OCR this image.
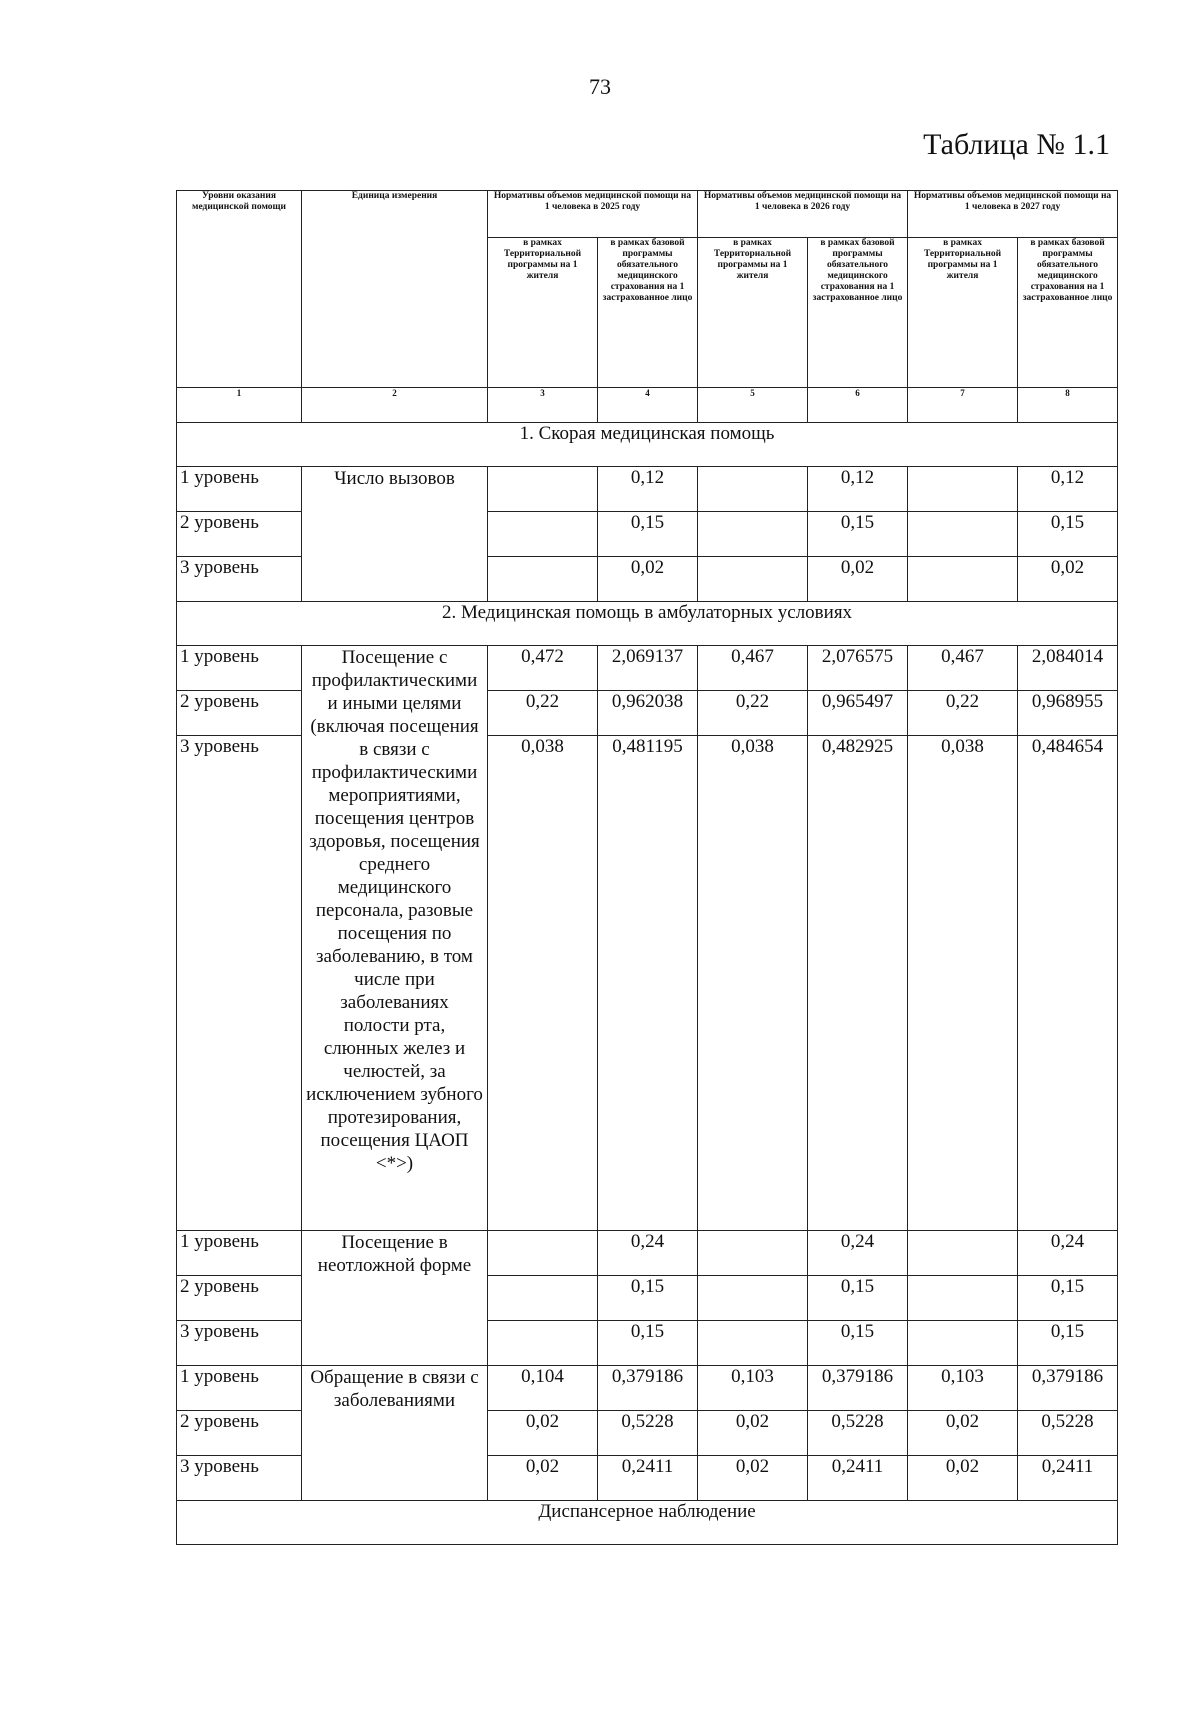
73
Таблица № 1.1
Уровни оказания медицинской помощи	Единица измерения	Нормативы объемов медицинской помощи на 1 человека в 2025 году		Нормативы объемов медицинской помощи на 1 человека в 2026 году		Нормативы объемов медицинской помощи на 1 человека в 2027 году	
		в рамках Территориальной программы на 1 жителя	в рамках базовой программы обязательного медицинского страхования на 1 застрахованное лицо	в рамках Территориальной программы на 1 жителя	в рамках базовой программы обязательного медицинского страхования на 1 застрахованное лицо	в рамках Территориальной программы на 1 жителя	в рамках базовой программы обязательного медицинского страхования на 1 застрахованное лицо
1	2	3	4	5	6	7	8
1. Скорая медицинская помощь							
1 уровень	Число вызовов		0,12		0,12		0,12
2 уровень			0,15		0,15		0,15
3 уровень			0,02		0,02		0,02
2. Медицинская помощь в амбулаторных условиях							
1 уровень	Посещение с профилактическими и иными целями (включая посещения в связи с профилактическими мероприятиями, посещения центров здоровья, посещения среднего медицинского персонала, разовые посещения по заболеванию, в том числе при заболеваниях полости рта, слюнных желез и челюстей, за исключением зубного протезирования, посещения ЦАОП <*>)	0,472	2,069137	0,467	2,076575	0,467	2,084014
2 уровень		0,22	0,962038	0,22	0,965497	0,22	0,968955
3 уровень		0,038	0,481195	0,038	0,482925	0,038	0,484654
1 уровень	Посещение в неотложной форме		0,24		0,24		0,24
2 уровень			0,15		0,15		0,15
3 уровень			0,15		0,15		0,15
1 уровень	Обращение в связи с заболеваниями	0,104	0,379186	0,103	0,379186	0,103	0,379186
2 уровень		0,02	0,5228	0,02	0,5228	0,02	0,5228
3 уровень		0,02	0,2411	0,02	0,2411	0,02	0,2411
Диспансерное наблюдение							
